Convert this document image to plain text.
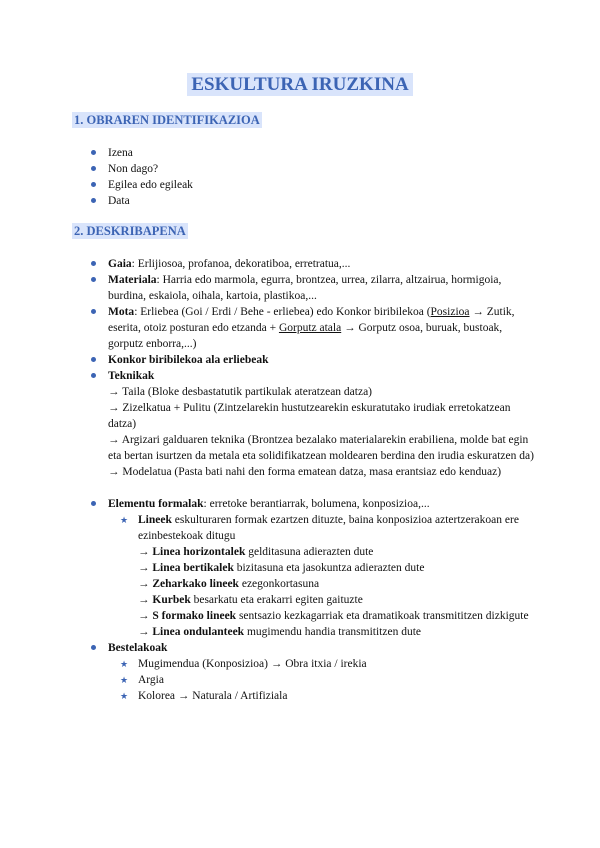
ESKULTURA IRUZKINA
1. OBRAREN IDENTIFIKAZIOA
Izena
Non dago?
Egilea edo egileak
Data
2. DESKRIBAPENA
Gaia: Erlijiosoa, profanoa, dekoratiboa, erretratua,...
Materiala: Harria edo marmola, egurra, brontzea, urrea, zilarra, altzairua, hormigoia, burdina, eskaiola, oihala, kartoia, plastikoa,...
Mota: Erliebea (Goi / Erdi / Behe - erliebea) edo Konkor biribilekoa (Posizioa → Zutik, eserita, otoiz posturan edo etzanda + Gorputz atala → Gorputz osoa, buruak, bustoak, gorputz enborra,...)
Konkor biribilekoa ala erliebeak
Teknikak
→ Taila (Bloke desbastatutik partikulak ateratzean datza)
→ Zizelkatua + Pulitu (Zintzelarekin hustutzearekin eskuratutako irudiak erretokatzean datza)
→ Argizari galduaren teknika (Brontzea bezalako materialarekin erabiliena, molde bat egin eta bertan isurtzen da metala eta solidifikatzean moldearen berdina den irudia eskuratzen da)
→ Modelatua (Pasta bati nahi den forma ematean datza, masa erantsiaz edo kenduaz)
Elementu formalak: erretoke berantiarrak, bolumena, konposizioa,...
★ Lineek eskulturaren formak ezartzen dituzte, baina konposizioa aztertzerakoan ere ezinbestekoak ditugu
→ Linea horizontalek gelditasuna adierazten dute
→ Linea bertikalek bizitasuna eta jasokuntza adierazten dute
→ Zeharkako lineek ezegonkortasuna
→ Kurbek besarkatu eta erakarri egiten gaituzte
→ S formako lineek sentsazio kezkagarriak eta dramatikoak transmititzen dizkigute
→ Linea ondulanteek mugimendu handia transmititzen dute
Bestelakoak
★ Mugimendua (Konposizioa) → Obra itxia / irekia
★ Argia
★ Kolorea → Naturala / Artifiziala
